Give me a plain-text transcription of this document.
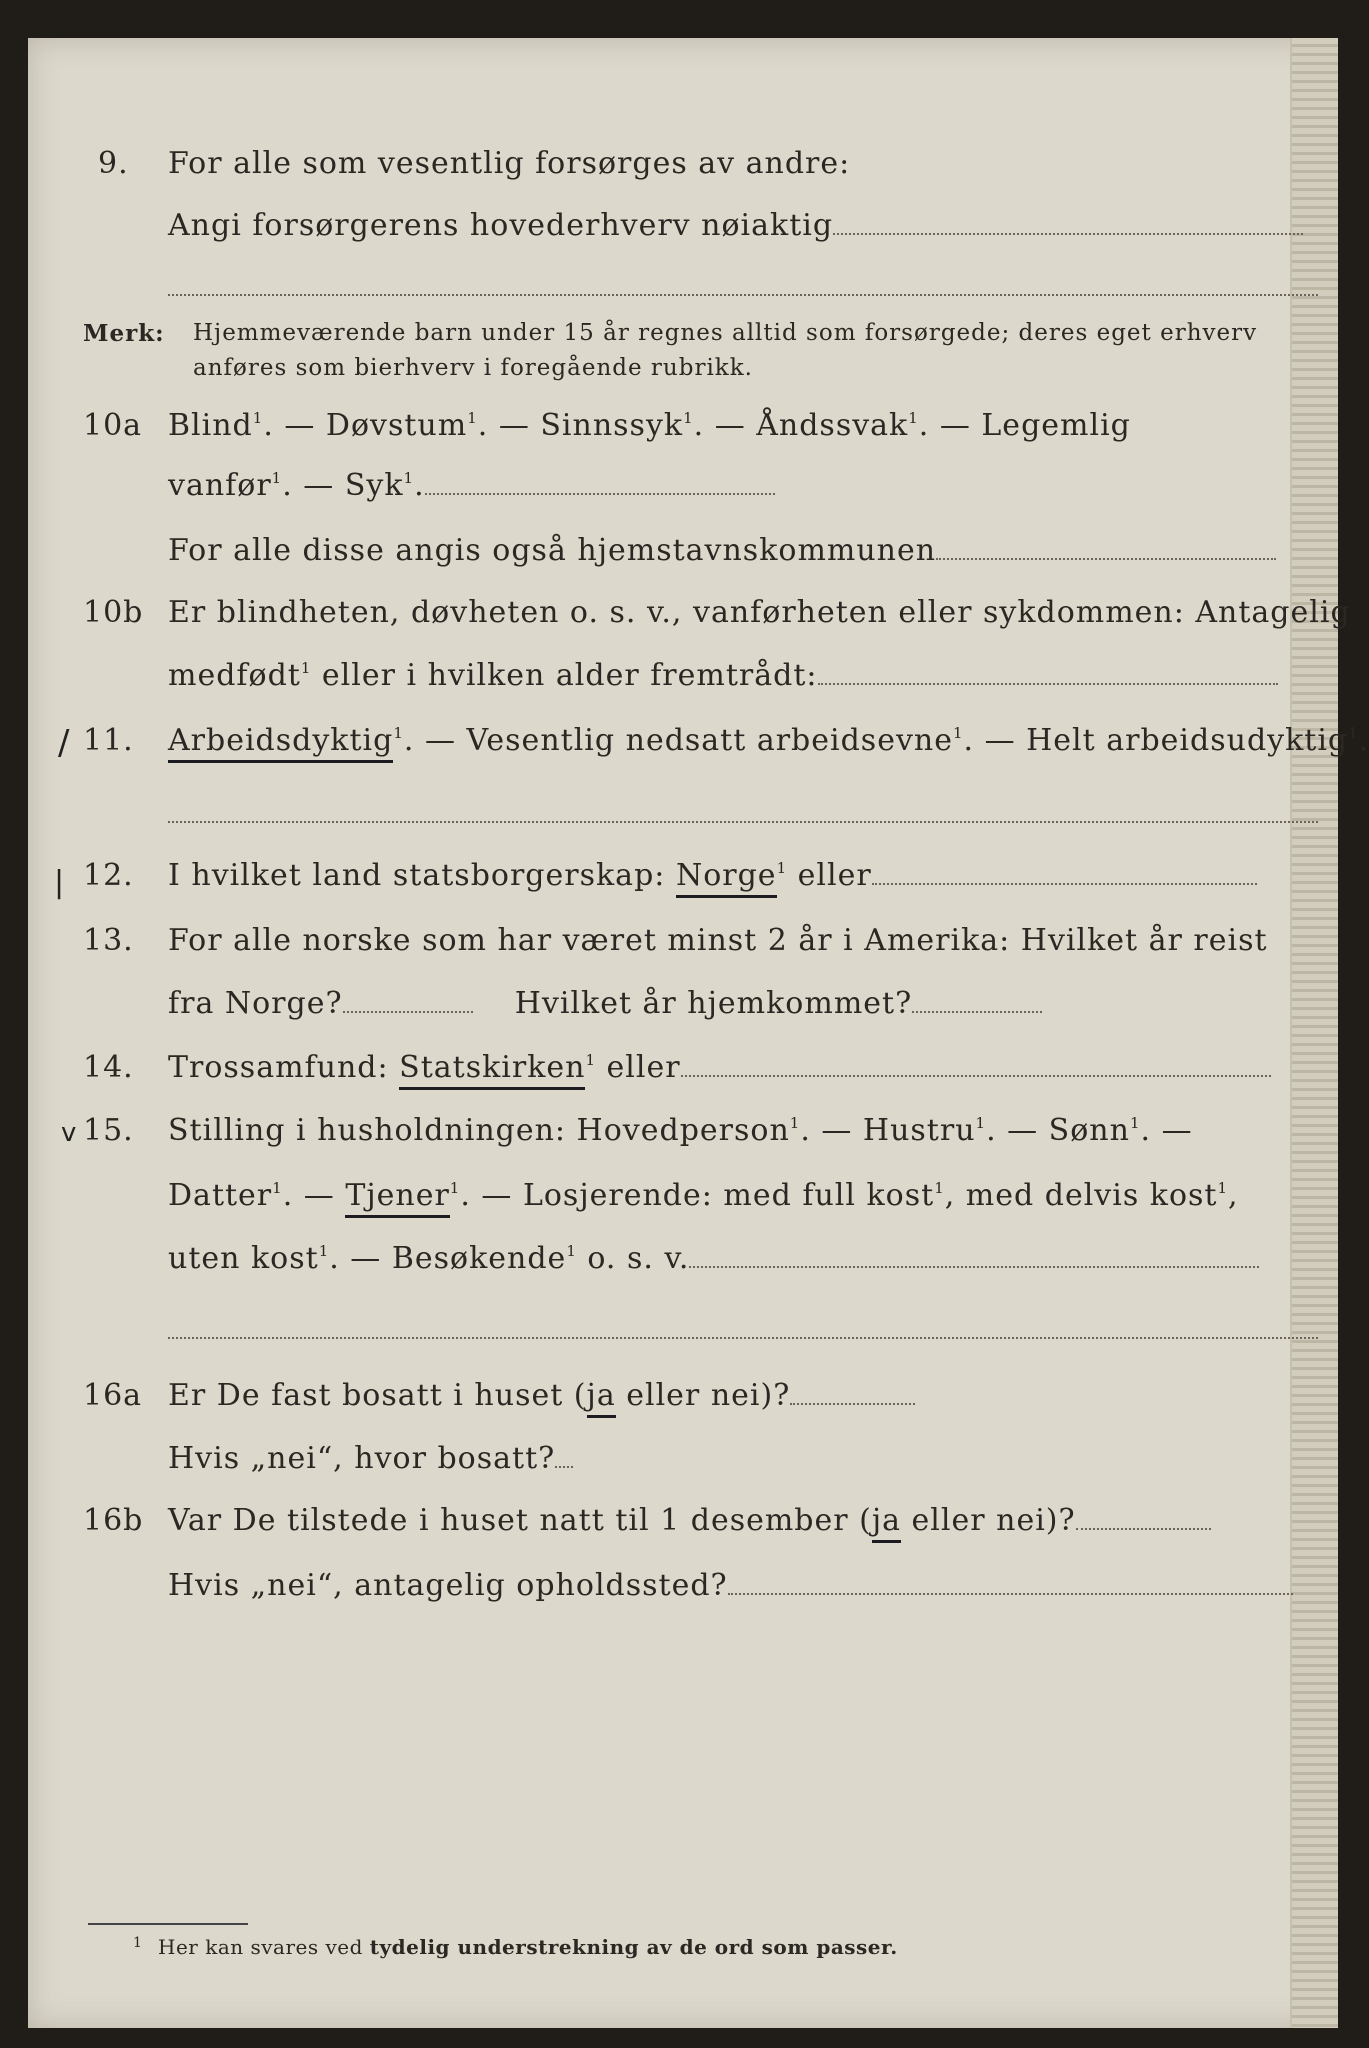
9. For alle som vesentlig forsørges av andre:
Angi forsørgerens hovederhverv nøiaktig
Merk: Hjemmeværende barn under 15 år regnes alltid som forsørgede; deres eget erhverv
anføres som bierhverv i foregående rubrikk.
10a Blind$^1$. — Døvstum$^1$. — Sinnssyk$^1$. — Åndssvak$^1$. — Legemlig
vanfør$^1$. — Syk$^1$.
For alle disse angis også hjemstavnskommunen
10b Er blindheten, døvheten o. s. v., vanførheten eller sykdommen: Antagelig
medfødt$^1$ eller i hvilken alder fremtrådt:
/ 11. Arbeidsdyktig$^1$. — Vesentlig nedsatt arbeidsevne$^1$. — Helt arbeidsudyktig$^1$.
| 12. I hvilket land statsborgerskap: Norge$^1$ eller
13. For alle norske som har været minst 2 år i Amerika: Hvilket år reist
fra Norge?	Hvilket år hjemkommet?
14. Trossamfund: Statskirken$^1$ eller
v 15. Stilling i husholdningen: Hovedperson$^1$. — Hustru$^1$. — Sønn$^1$. —
Datter$^1$. — Tjener$^1$. — Losjerende: med full kost$^1$, med delvis kost$^1$,
uten kost$^1$. — Besøkende$^1$ o. s. v.
16a Er De fast bosatt i huset (ja eller nei)?
Hvis „nei“, hvor bosatt?
16b Var De tilstede i huset natt til 1 desember (ja eller nei)?
Hvis „nei“, antagelig opholdssted?
1 Her kan svares ved tydelig understrekning av de ord som passer.
